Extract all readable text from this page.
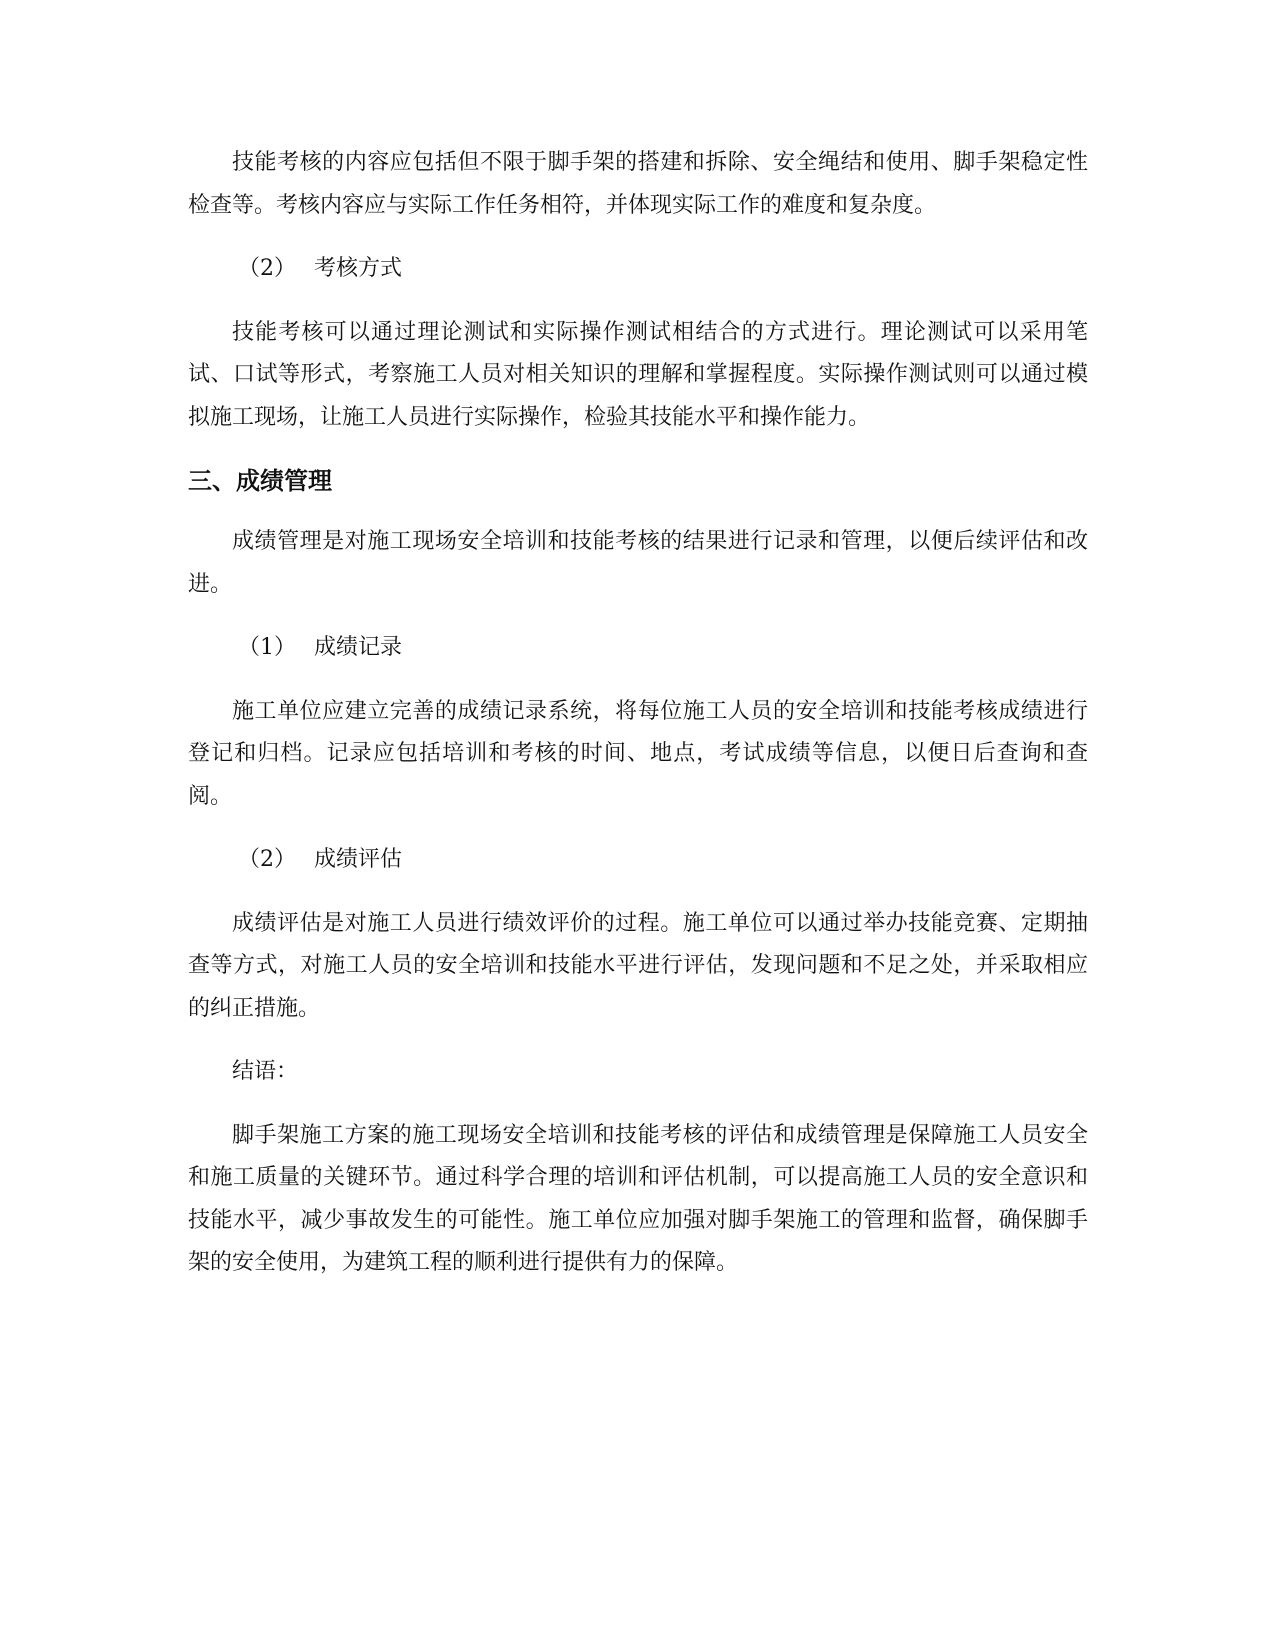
技能考核的内容应包括但不限于脚手架的搭建和拆除、安全绳结和使用、脚手架稳定性检查等。考核内容应与实际工作任务相符，并体现实际工作的难度和复杂度。

（2） 考核方式

技能考核可以通过理论测试和实际操作测试相结合的方式进行。理论测试可以采用笔试、口试等形式，考察施工人员对相关知识的理解和掌握程度。实际操作测试则可以通过模拟施工现场，让施工人员进行实际操作，检验其技能水平和操作能力。

三、成绩管理

成绩管理是对施工现场安全培训和技能考核的结果进行记录和管理，以便后续评估和改进。

（1） 成绩记录

施工单位应建立完善的成绩记录系统，将每位施工人员的安全培训和技能考核成绩进行登记和归档。记录应包括培训和考核的时间、地点，考试成绩等信息，以便日后查询和查阅。

（2） 成绩评估

成绩评估是对施工人员进行绩效评价的过程。施工单位可以通过举办技能竞赛、定期抽查等方式，对施工人员的安全培训和技能水平进行评估，发现问题和不足之处，并采取相应的纠正措施。

结语：

脚手架施工方案的施工现场安全培训和技能考核的评估和成绩管理是保障施工人员安全和施工质量的关键环节。通过科学合理的培训和评估机制，可以提高施工人员的安全意识和技能水平，减少事故发生的可能性。施工单位应加强对脚手架施工的管理和监督，确保脚手架的安全使用，为建筑工程的顺利进行提供有力的保障。
